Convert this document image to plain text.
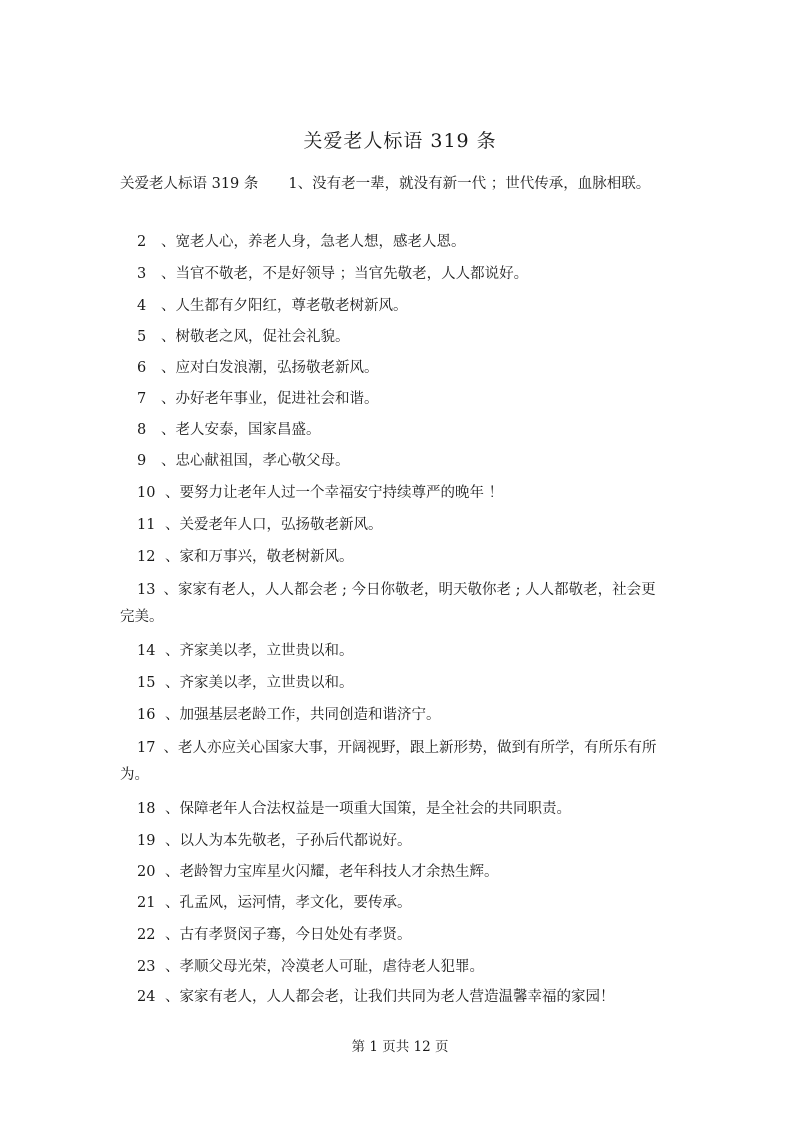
关爱老人标语 319 条
关爱老人标语 319 条 1、没有老一辈，就没有新一代 ；世代传承，血脉相联。
2 、宽老人心，养老人身，急老人想，感老人恩。
3 、当官不敬老，不是好领导 ；当官先敬老，人人都说好。
4 、人生都有夕阳红，尊老敬老树新风。
5 、树敬老之风，促社会礼貌。
6 、应对白发浪潮，弘扬敬老新风。
7 、办好老年事业，促进社会和谐。
8 、老人安泰，国家昌盛。
9 、忠心献祖国，孝心敬父母。
10 、要努力让老年人过一个幸福安宁持续尊严的晚年 ！
11 、关爱老年人口，弘扬敬老新风。
12 、家和万事兴，敬老树新风。
13 、家家有老人，人人都会老 ; 今日你敬老，明天敬你老 ; 人人都敬老，社会更完美。
14 、齐家美以孝，立世贵以和。
15 、齐家美以孝，立世贵以和。
16 、加强基层老龄工作，共同创造和谐济宁。
17 、老人亦应关心国家大事，开阔视野，跟上新形势，做到有所学，有所乐有所为。
18 、保障老年人合法权益是一项重大国策，是全社会的共同职责。
19 、以人为本先敬老，子孙后代都说好。
20 、老龄智力宝库星火闪耀，老年科技人才余热生辉。
21 、孔孟风，运河情，孝文化，要传承。
22 、古有孝贤闵子骞，今日处处有孝贤。
23 、孝顺父母光荣，冷漠老人可耻，虐待老人犯罪。
24 、家家有老人，人人都会老，让我们共同为老人营造温馨幸福的家园！
第 1 页共 12 页
